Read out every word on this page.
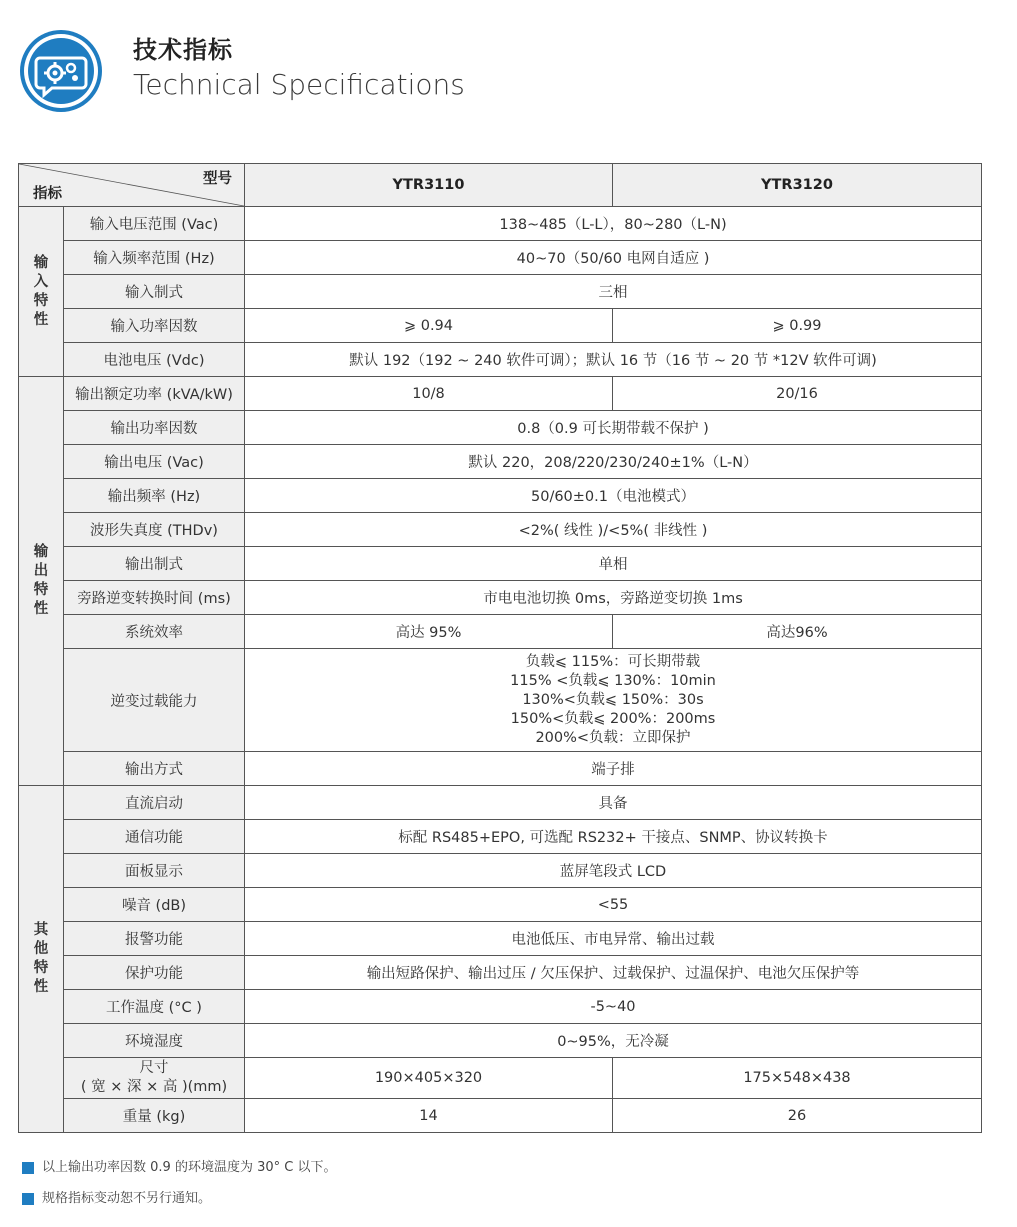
技术指标
Technical Specifications
型号
指标		YTR3110	YTR3120

输
入
特
性	输入电压范围 (Vac)	138~485（L-L），80~280（L-N)	
	输入频率范围 (Hz)	40~70（50/60 电网自适应 )	
	输入制式	三相	
	输入功率因数	⩾ 0.94	⩾ 0.99
	电池电压 (Vdc)	默认 192（192 ~ 240 软件可调）；默认 16 节（16 节 ~ 20 节 *12V 软件可调)	

输
出
特
性	输出额定功率 (kVA/kW)	10/8	20/16
	输出功率因数	0.8（0.9 可长期带载不保护 )	
	输出电压 (Vac)	默认 220，208/220/230/240±1%（L-N）	
	输出频率 (Hz)	50/60±0.1（电池模式）	
	波形失真度 (THDv)	<2%( 线性 )/<5%( 非线性 )	
	输出制式	单相	
	旁路逆变转换时间 (ms)	市电电池切换 0ms，旁路逆变切换 1ms	
	系统效率	高达 95%	高达96%
	逆变过载能力	负载⩽ 115%：可长期带载
115% <负载⩽ 130%：10min
130%<负载⩽ 150%：30s
150%<负载⩽ 200%：200ms
200%<负载：立即保护	

	输出方式	端子排	

其
他
特
性	直流启动	具备	
	通信功能	标配 RS485+EPO, 可选配 RS232+ 干接点、SNMP、协议转换卡	
	面板显示	蓝屏笔段式 LCD	
	噪音 (dB)	<55	
	报警功能	电池低压、市电异常、输出过载	
	保护功能	输出短路保护、输出过压 / 欠压保护、过载保护、过温保护、电池欠压保护等	
	工作温度 (°C )	-5~40	
	环境湿度	0~95%，无冷凝	

	尺寸
( 宽 × 深 × 高 )(mm)	190×405×320	175×548×438
	重量 (kg)	14	26
以上输出功率因数 0.9 的环境温度为 30° C 以下。
规格指标变动恕不另行通知。
